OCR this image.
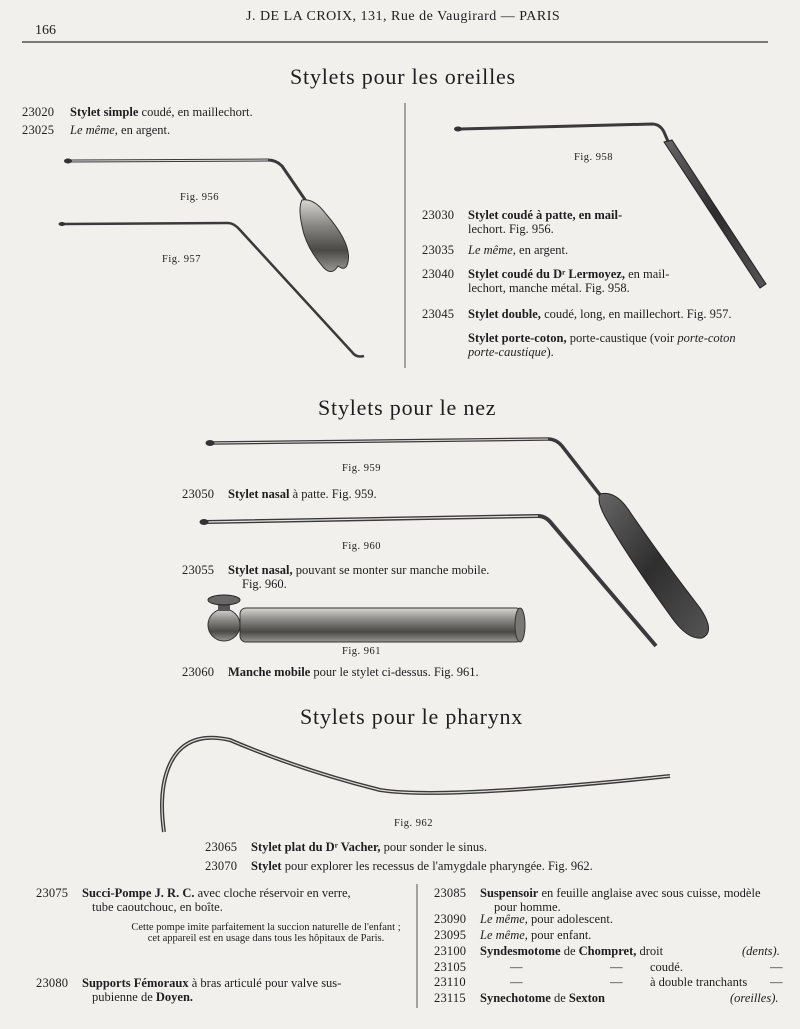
166
J. DE LA CROIX, 131, Rue de Vaugirard — PARIS
Stylets pour les oreilles
23020 Stylet simple coudé, en maillechort.
23025 Le même, en argent.
Fig. 956
Fig. 957
Fig. 958
23030 Stylet coudé à patte, en mail-
lechort. Fig. 956.
23035 Le même, en argent.
23040 Stylet coudé du Dʳ Lermoyez, en mail-
lechort, manche métal. Fig. 958.
23045 Stylet double, coudé, long, en maillechort. Fig. 957.
Stylet porte-coton, porte-caustique (voir porte-coton
porte-caustique).
Stylets pour le nez
Fig. 959
23050 Stylet nasal à patte. Fig. 959.
Fig. 960
23055 Stylet nasal, pouvant se monter sur manche mobile.
Fig. 960.
Fig. 961
23060 Manche mobile pour le stylet ci-dessus. Fig. 961.
Stylets pour le pharynx
Fig. 962
23065 Stylet plat du Dʳ Vacher, pour sonder le sinus.
23070 Stylet pour explorer les recessus de l'amygdale pharyngée. Fig. 962.
23075 Succi-Pompe J. R. C. avec cloche réservoir en verre,
tube caoutchouc, en boîte.
Cette pompe imite parfaitement la succion naturelle de l'enfant ; cet appareil est en usage dans tous les hôpitaux de Paris.
23080 Supports Fémoraux à bras articulé pour valve sus-
pubienne de Doyen.
23085 Suspensoir en feuille anglaise avec sous cuisse, modèle
pour homme.
23090 Le même, pour adolescent.
23095 Le même, pour enfant.
23100 Syndesmotome de Chompret, droit	(dents).
23105	—	— coudé.	—
23110	—	— à double tranchants —
23115 Synechotome de Sexton	(oreilles).
